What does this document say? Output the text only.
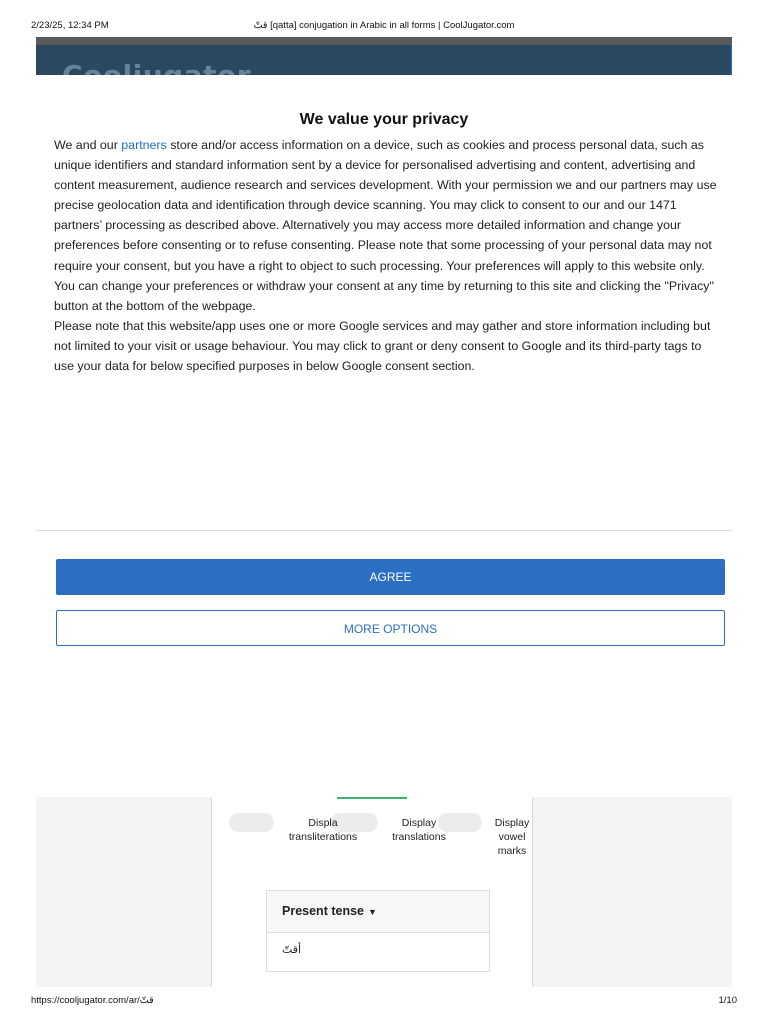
2/23/25, 12:34 PM	قتّ [qatta] conjugation in Arabic in all forms | CoolJugator.com
We value your privacy

We and our partners store and/or access information on a device, such as cookies and process personal data, such as unique identifiers and standard information sent by a device for personalised advertising and content, advertising and content measurement, audience research and services development. With your permission we and our partners may use precise geolocation data and identification through device scanning. You may click to consent to our and our 1471 partners’ processing as described above. Alternatively you may access more detailed information and change your preferences before consenting or to refuse consenting. Please note that some processing of your personal data may not require your consent, but you have a right to object to such processing. Your preferences will apply to this website only. You can change your preferences or withdraw your consent at any time by returning to this site and clicking the "Privacy" button at the bottom of the webpage.

Please note that this website/app uses one or more Google services and may gather and store information including but not limited to your visit or usage behaviour. You may click to grant or deny consent to Google and its third-party tags to use your data for below specified purposes in below Google consent section.

AGREE
MORE OPTIONS
Displa transliterations
Display translations
Display vowel marks
Present tense ▼
أقتّ
https://cooljugator.com/ar/قتّ	1/10
